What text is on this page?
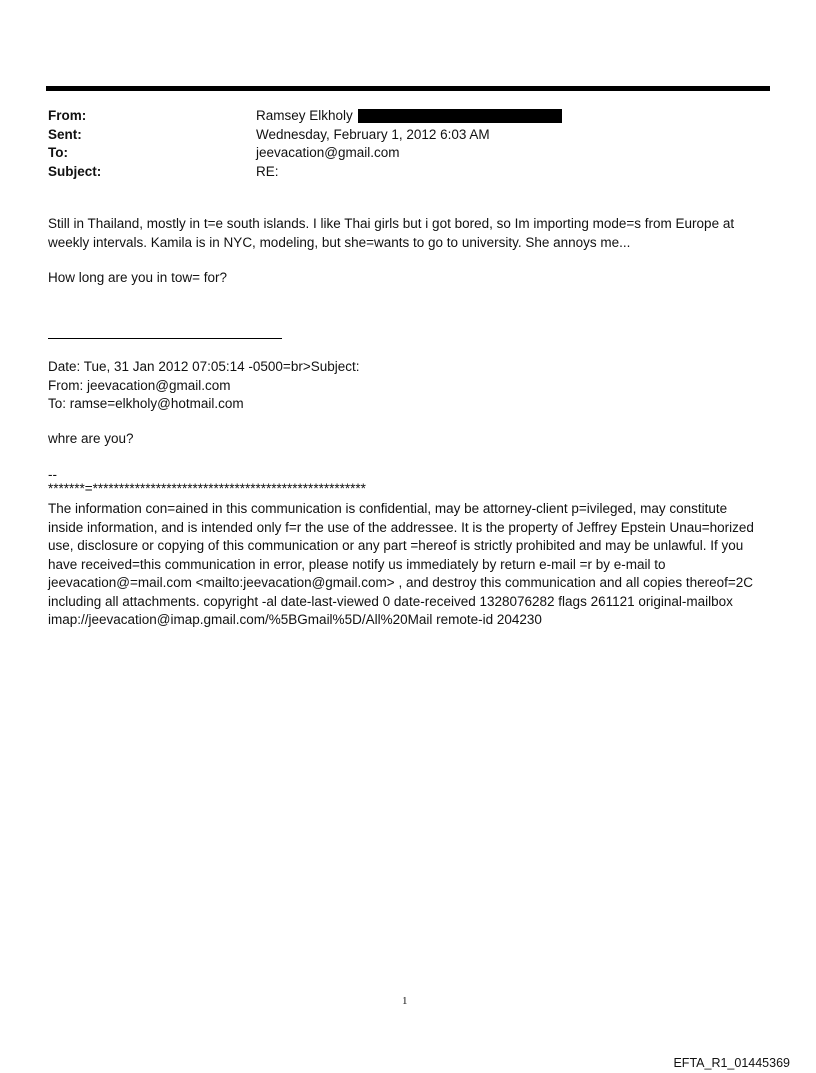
From:	Ramsey Elkholy
Sent:	Wednesday, February 1, 2012 6:03 AM
To:	jeevacation@gmail.com
Subject:	RE:

Still in Thailand, mostly in t=e south islands. I like Thai girls but i got bored, so Im importing mode=s from Europe at weekly intervals. Kamila is in NYC, modeling, but she=wants to go to university. She annoys me...

How long are you in tow= for?

Date: Tue, 31 Jan 2012 07:05:14 -0500=br>Subject:
From: jeevacation@gmail.com
To: ramse=elkholy@hotmail.com

whre are you?

--
*******=****************************************************

The information con=ained in this communication is confidential, may be attorney-client p=ivileged, may constitute inside information, and is intended only f=r the use of the addressee. It is the property of Jeffrey Epstein Unau=horized use, disclosure or copying of this communication or any part =hereof is strictly prohibited and may be unlawful. If you have received=this communication in error, please notify us immediately by return e-mail =r by e-mail to jeevacation@=mail.com <mailto:jeevacation@gmail.com> , and destroy this communication and all copies thereof=2C including all attachments. copyright -al date-last-viewed 0 date-received 1328076282 flags 261121 original-mailbox imap://jeevacation@imap.gmail.com/%5BGmail%5D/All%20Mail remote-id 204230

1
EFTA_R1_01445369
